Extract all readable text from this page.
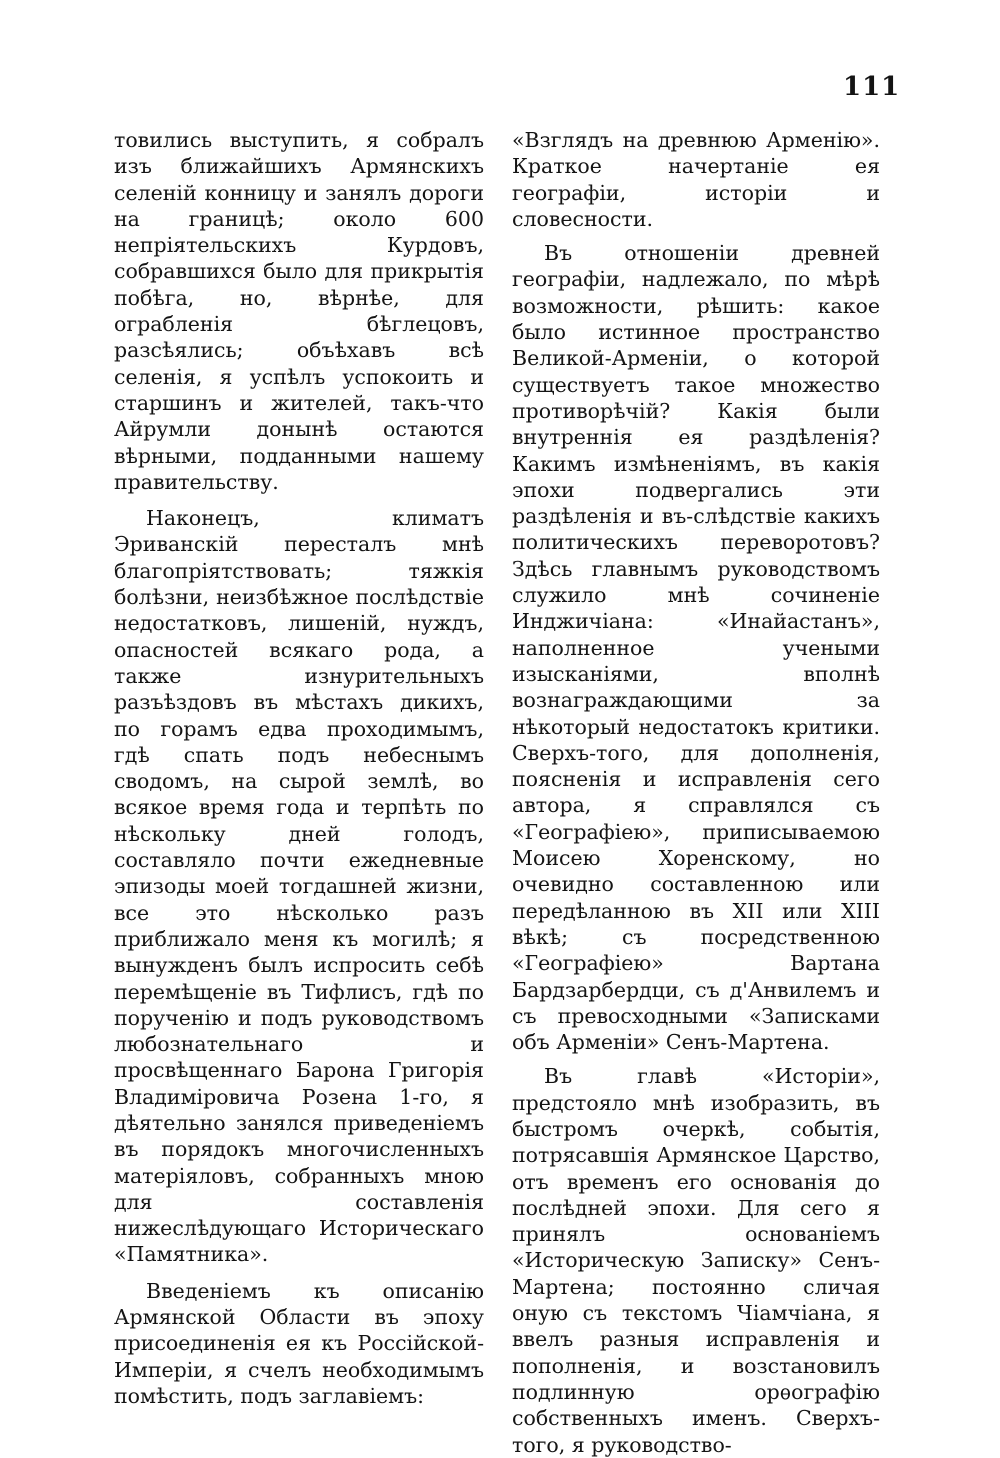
111

товились выступить, я собралъ изъ ближайшихъ Армянскихъ селеній конницу и занялъ дороги на границѣ; около 600 непріятельскихъ Курдовъ, собравшихся было для прикрытія побѣга, но, вѣрнѣе, для ограбленія бѣглецовъ, разсѣялись; объѣхавъ всѣ селенія, я успѣлъ успокоить и старшинъ и жителей, такъ-что Айрумли донынѣ остаются вѣрными, подданными нашему правительству.

Наконецъ, климатъ Эриванскій пересталъ мнѣ благопріятствовать; тяжкія болѣзни, неизбѣжное послѣдствіе недостатковъ, лишеній, нуждъ, опасностей всякаго рода, а также изнурительныхъ разъѣздовъ въ мѣстахъ дикихъ, по горамъ едва проходимымъ, гдѣ спать подъ небеснымъ сводомъ, на сырой землѣ, во всякое время года и терпѣть по нѣскольку дней голодъ, составляло почти ежедневные эпизоды моей тогдашней жизни, все это нѣсколько разъ приближало меня къ могилѣ; я вынужденъ былъ испросить себѣ перемѣщеніе въ Тифлисъ, гдѣ по порученію и подъ руководствомъ любознательнаго и просвѣщеннаго Барона Григорія Владиміровича Розена 1-го, я дѣятельно занялся приведеніемъ въ порядокъ многочисленныхъ матеріяловъ, собранныхъ мною для составленія нижеслѣдующаго Историческаго «Памятника».

Введеніемъ къ описанію Армянской Области въ эпоху присоединенія ея къ Россійской-Имперіи, я счелъ необходимымъ помѣстить, подъ заглавіемъ:

«Взглядъ на древнюю Арменію». Краткое начертаніе ея географіи, исторіи и словесности.

Въ отношеніи древней географіи, надлежало, по мѣрѣ возможности, рѣшить: какое было истинное пространство Великой-Арменіи, о которой существуетъ такое множество противорѣчій? Какія были внутреннія ея раздѣленія? Какимъ измѣненіямъ, въ какія эпохи подвергались эти раздѣленія и въ-слѣдствіе какихъ политическихъ переворотовъ? Здѣсь главнымъ руководствомъ служило мнѣ сочиненіе Инджичіана: «Инайастанъ», наполненное учеными изысканіями, вполнѣ вознаграждающими за нѣкоторый недостатокъ критики. Сверхъ-того, для дополненія, поясненія и исправленія сего автора, я справлялся съ «Географіею», приписываемою Моисею Хоренскому, но очевидно составленною или передѣланною въ XII или XIII вѣкѣ; съ посредственною «Географіею» Вартана Бардзарбердци, съ д'Анвилемъ и съ превосходными «Записками объ Арменіи» Сенъ-Мартена.

Въ главѣ «Исторіи», предстояло мнѣ изобразить, въ быстромъ очеркѣ, событія, потрясавшія Армянское Царство, отъ временъ его основанія до послѣдней эпохи. Для сего я принялъ основаніемъ «Историческую Записку» Сенъ-Мартена; постоянно сличая оную съ текстомъ Чіамчіана, я ввелъ разныя исправленія и пополненія, и возстановилъ подлинную орѳографію собственныхъ именъ. Сверхъ-того, я руководство-
